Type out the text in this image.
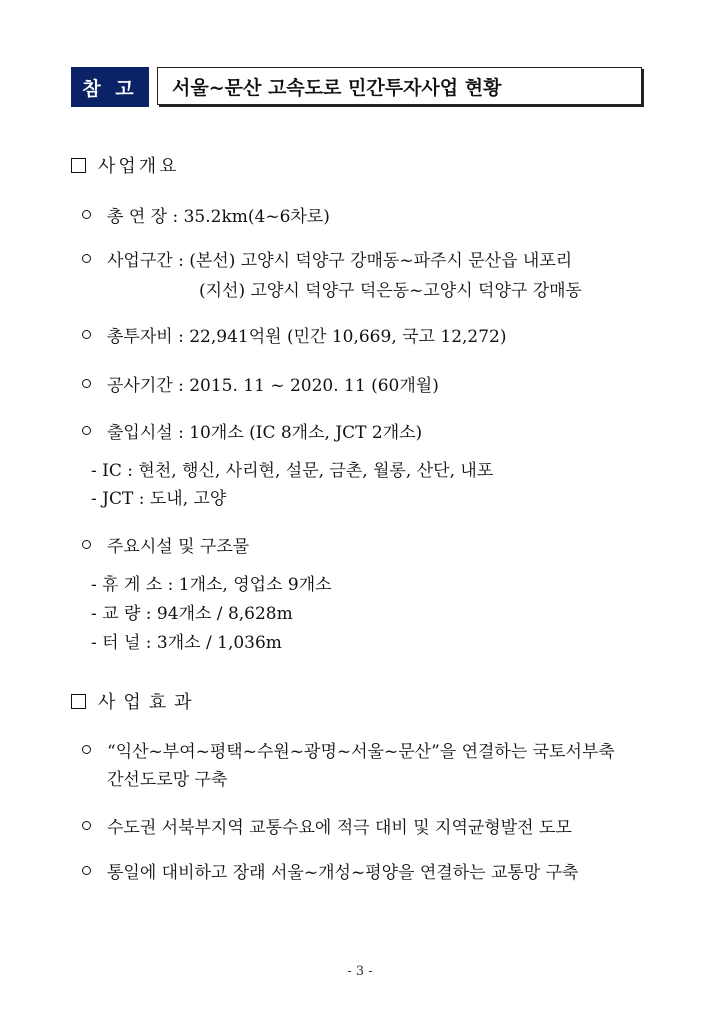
참 고	서울~문산 고속도로 민간투자사업 현황
사업개요
총 연 장 : 35.2km(4~6차로)
사업구간 : (본선) 고양시 덕양구 강매동~파주시 문산읍 내포리
(지선) 고양시 덕양구 덕은동~고양시 덕양구 강매동
총투자비 : 22,941억원 (민간 10,669, 국고 12,272)
공사기간 : 2015. 11 ~ 2020. 11 (60개월)
출입시설 : 10개소 (IC 8개소, JCT 2개소)
- IC : 현천, 행신, 사리현, 설문, 금촌, 월롱, 산단, 내포
- JCT : 도내, 고양
주요시설 및 구조물
- 휴 게 소 : 1개소, 영업소 9개소
- 교 량 : 94개소 / 8,628m
- 터 널 : 3개소 / 1,036m
사업효과
“익산~부여~평택~수원~광명~서울~문산”을 연결하는 국토서부축
간선도로망 구축
수도권 서북부지역 교통수요에 적극 대비 및 지역균형발전 도모
통일에 대비하고 장래 서울~개성~평양을 연결하는 교통망 구축
- 3 -
